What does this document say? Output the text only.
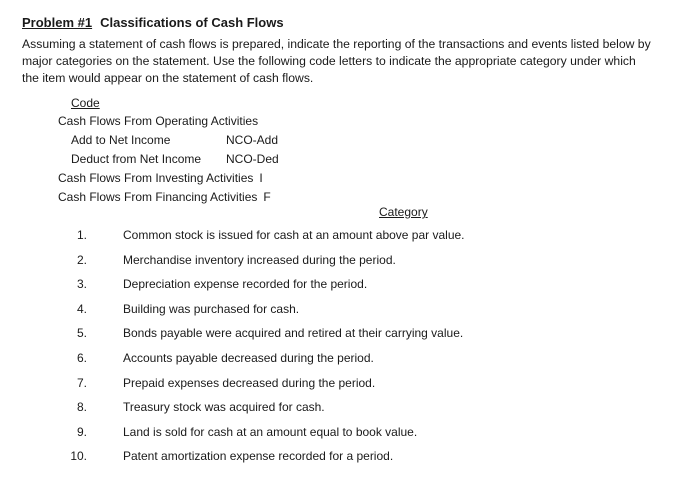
Problem #1 Classifications of Cash Flows
Assuming a statement of cash flows is prepared, indicate the reporting of the transactions and events listed below by
major categories on the statement. Use the following code letters to indicate the appropriate category under which
the item would appear on the statement of cash flows.
Code
Cash Flows From Operating Activities
Add to Net Income	NCO-Add
Deduct from Net Income NCO-Ded
Cash Flows From Investing Activities I
Cash Flows From Financing Activities F
Category
1.	Common stock is issued for cash at an amount above par value.
2.	Merchandise inventory increased during the period.
3.	Depreciation expense recorded for the period.
4.	Building was purchased for cash.
5.	Bonds payable were acquired and retired at their carrying value.
6.	Accounts payable decreased during the period.
7.	Prepaid expenses decreased during the period.
8.	Treasury stock was acquired for cash.
9.	Land is sold for cash at an amount equal to book value.
10.	Patent amortization expense recorded for a period.
